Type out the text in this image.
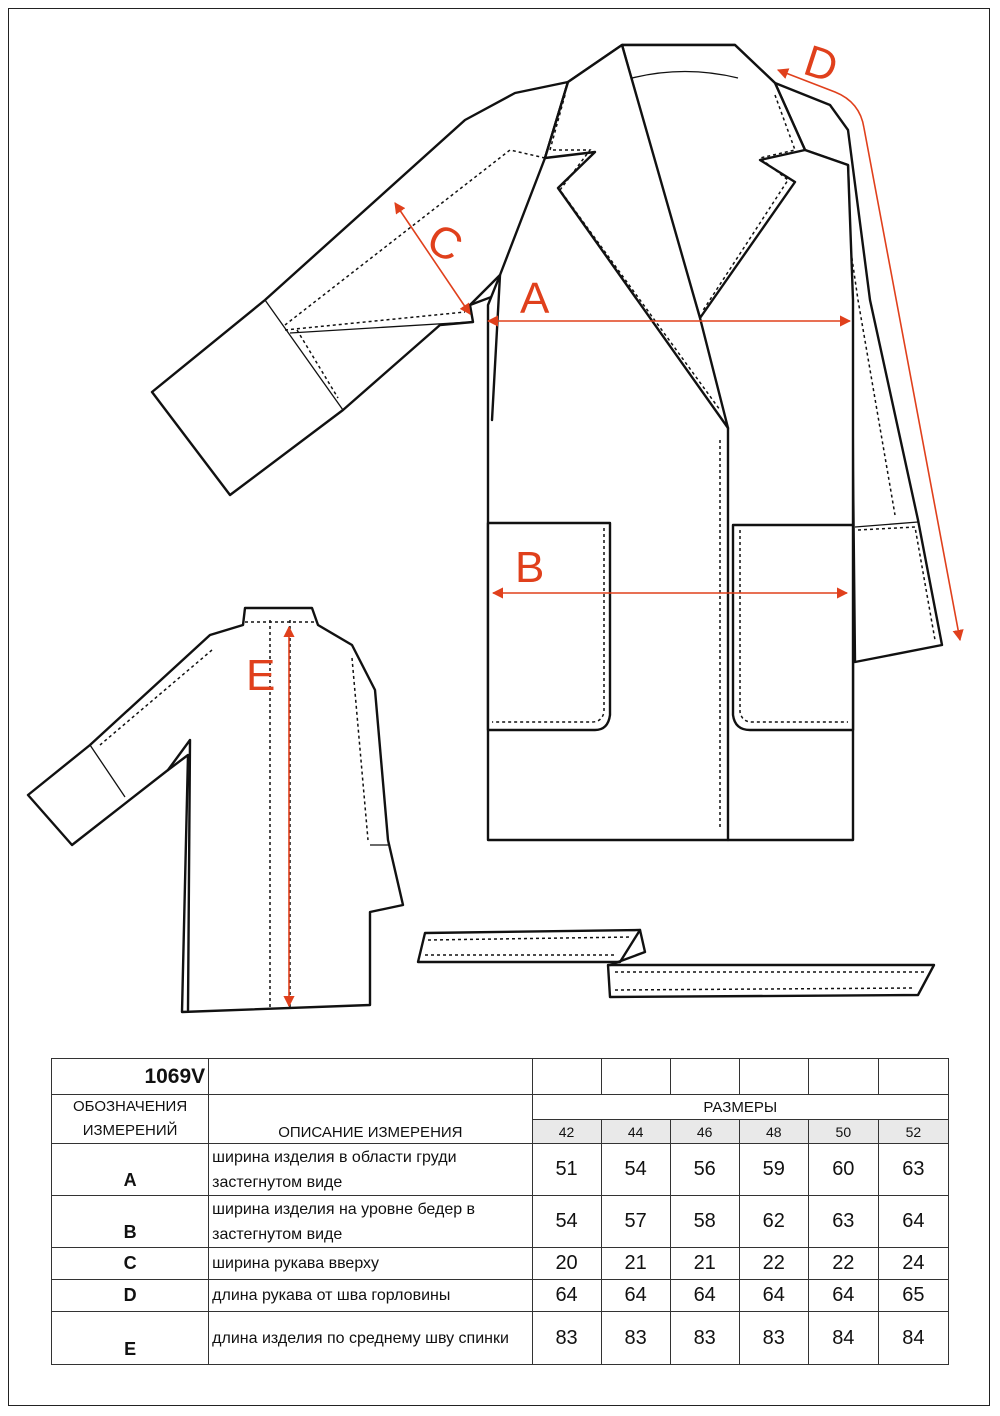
A
B
C
D
E
1069V							
ОБОЗНАЧЕНИЯ
ИЗМЕРЕНИЙ	ОПИСАНИЕ ИЗМЕРЕНИЯ	РАЗМЕРЫ					
		42	44	46	48	50	52
A	ширина изделия в области груди застегнутом виде	51	54	56	59	60	63
B	ширина изделия на уровне бедер в застегнутом виде	54	57	58	62	63	64
C	ширина рукава вверху	20	21	21	22	22	24
D	длина рукава от шва горловины	64	64	64	64	64	65
E	длина изделия по среднему шву спинки	83	83	83	83	84	84
